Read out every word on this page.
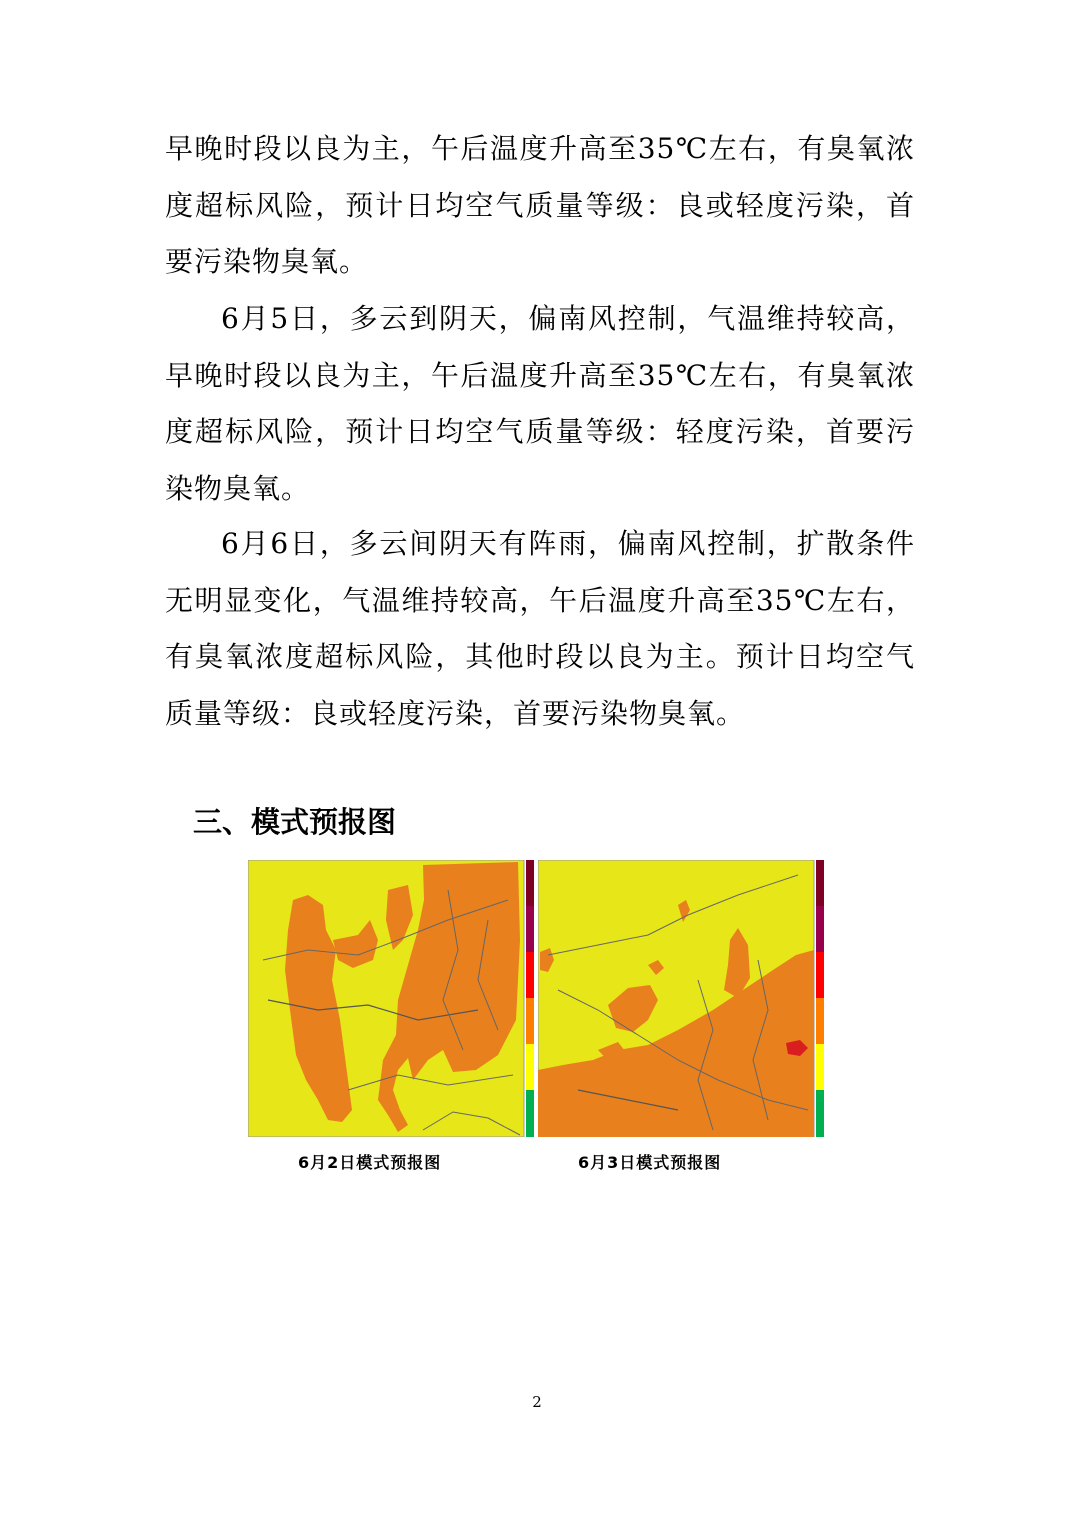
早晚时段以良为主，午后温度升高至35℃左右，有臭氧浓度超标风险，预计日均空气质量等级：良或轻度污染，首要污染物臭氧。

6月5日，多云到阴天，偏南风控制，气温维持较高，早晚时段以良为主，午后温度升高至35℃左右，有臭氧浓度超标风险，预计日均空气质量等级：轻度污染，首要污染物臭氧。

6月6日，多云间阴天有阵雨，偏南风控制，扩散条件无明显变化，气温维持较高，午后温度升高至35℃左右，有臭氧浓度超标风险，其他时段以良为主。预计日均空气质量等级：良或轻度污染，首要污染物臭氧。

三、模式预报图
6月2日模式预报图	6月3日模式预报图
2
